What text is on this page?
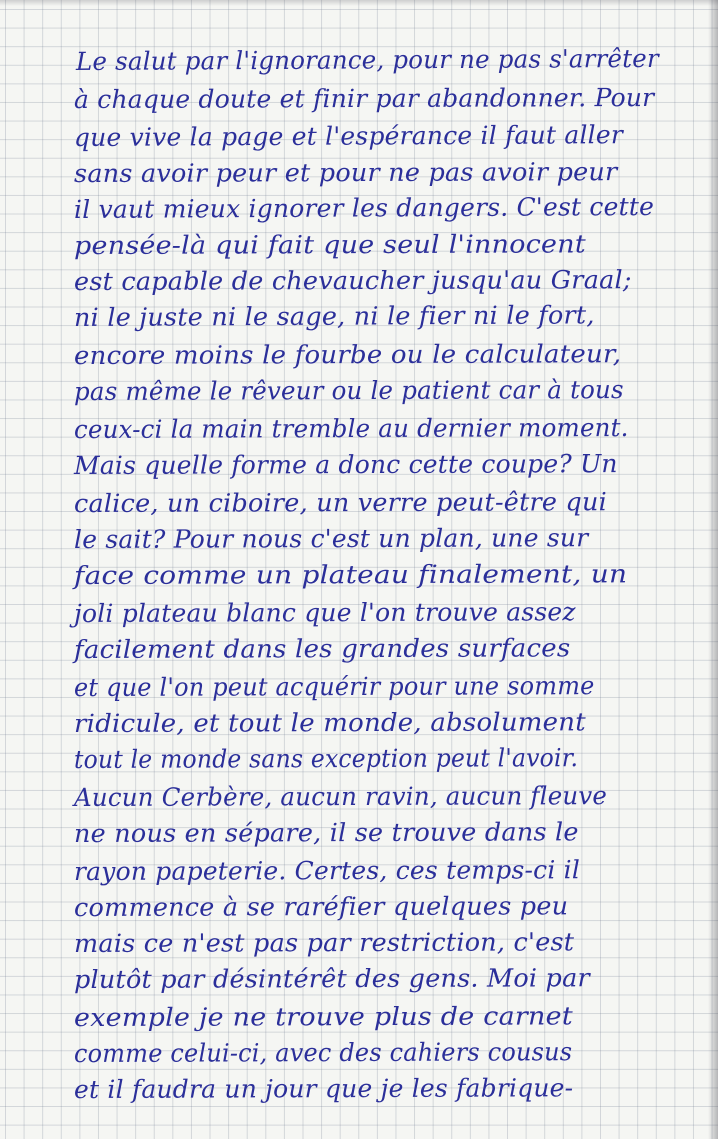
Le salut par l'ignorance, pour ne pas s'arrêter
à chaque doute et finir par abandonner. Pour
que vive la page et l'espérance il faut aller
sans avoir peur et pour ne pas avoir peur
il vaut mieux ignorer les dangers. C'est cette
pensée-là qui fait que seul l'innocent
est capable de chevaucher jusqu'au Graal;
ni le juste ni le sage, ni le fier ni le fort,
encore moins le fourbe ou le calculateur,
pas même le rêveur ou le patient car à tous
ceux-ci la main tremble au dernier moment.
Mais quelle forme a donc cette coupe? Un
calice, un ciboire, un verre peut-être qui
le sait? Pour nous c'est un plan, une sur
face comme un plateau finalement, un
joli plateau blanc que l'on trouve assez
facilement dans les grandes surfaces
et que l'on peut acquérir pour une somme
ridicule, et tout le monde, absolument
tout le monde sans exception peut l'avoir.
Aucun Cerbère, aucun ravin, aucun fleuve
ne nous en sépare, il se trouve dans le
rayon papeterie. Certes, ces temps-ci il
commence à se raréfier quelques peu
mais ce n'est pas par restriction, c'est
plutôt par désintérêt des gens. Moi par
exemple je ne trouve plus de carnet
comme celui-ci, avec des cahiers cousus
et il faudra un jour que je les fabrique-
